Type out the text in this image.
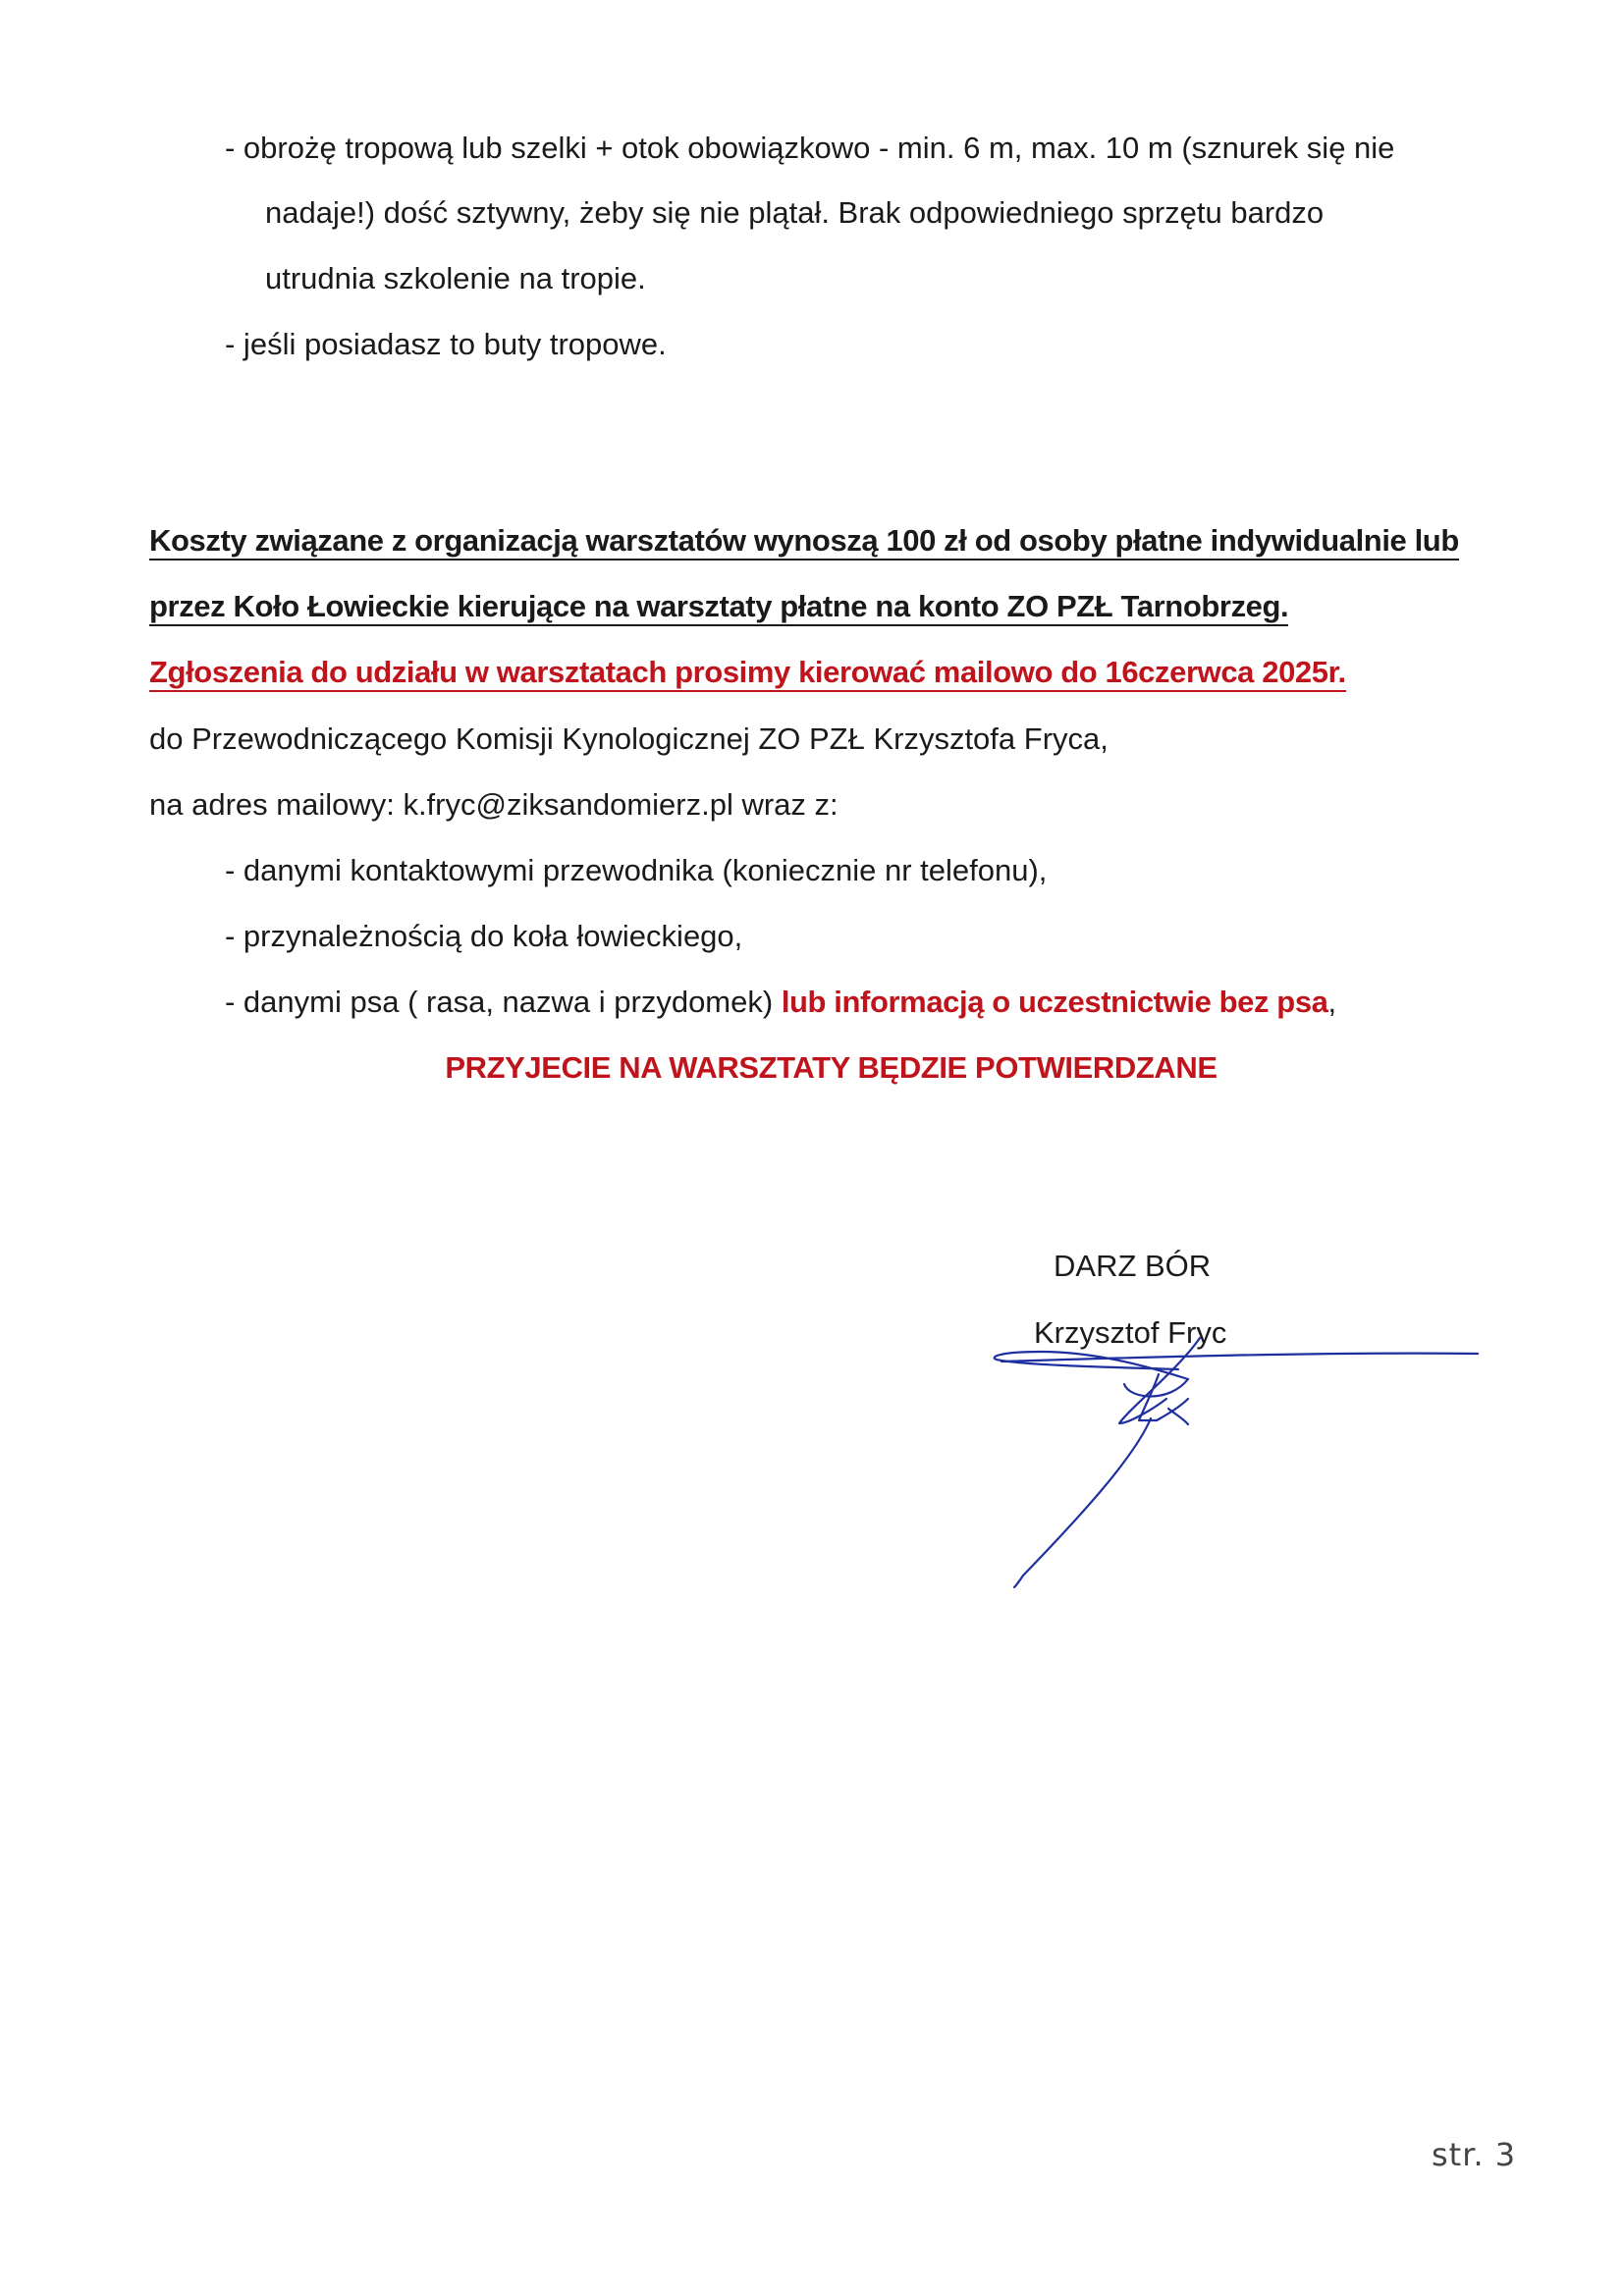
- obrożę tropową lub szelki + otok obowiązkowo - min. 6 m, max. 10 m (sznurek się nie
nadaje!) dość sztywny, żeby się nie plątał. Brak odpowiedniego sprzętu bardzo
utrudnia szkolenie na tropie.
- jeśli posiadasz to buty tropowe.
Koszty związane z organizacją warsztatów wynoszą 100 zł od osoby płatne indywidualnie lub
przez Koło Łowieckie kierujące na warsztaty płatne na konto ZO PZŁ Tarnobrzeg.
Zgłoszenia do udziału w warsztatach prosimy kierować mailowo do 16czerwca 2025r.
do Przewodniczącego Komisji Kynologicznej ZO PZŁ Krzysztofa Fryca,
na adres mailowy: k.fryc@ziksandomierz.pl wraz z:
- danymi kontaktowymi przewodnika (koniecznie nr telefonu),
- przynależnością do koła łowieckiego,
- danymi psa ( rasa, nazwa i przydomek) lub informacją o uczestnictwie bez psa,
PRZYJECIE NA WARSZTATY BĘDZIE POTWIERDZANE
DARZ BÓR
Krzysztof Fryc
str. 3
